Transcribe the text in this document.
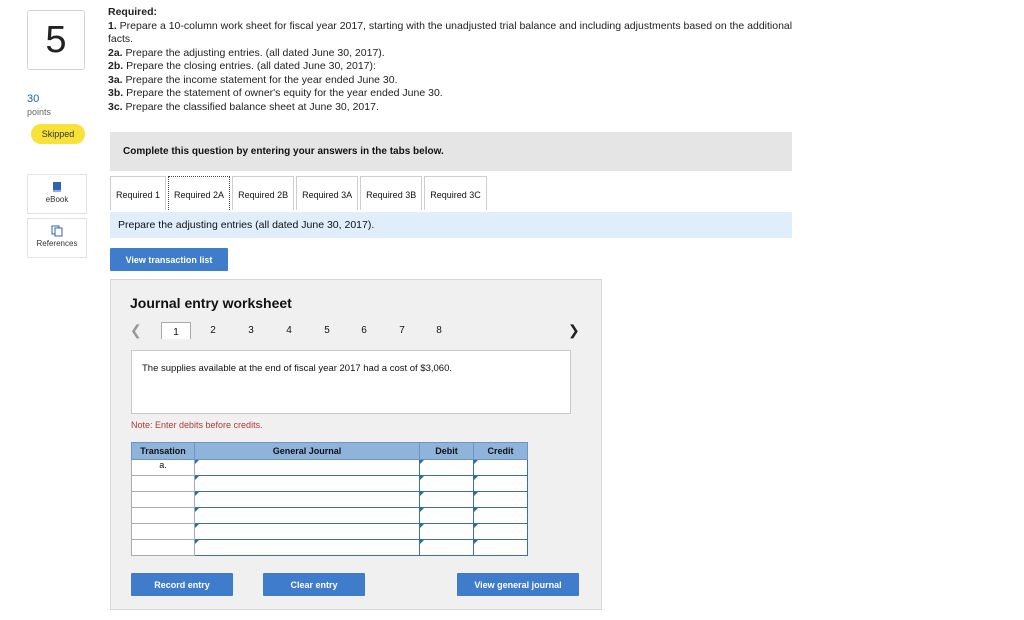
5
30
points
Skipped
eBook
References
Required:
1. Prepare a 10-column work sheet for fiscal year 2017, starting with the unadjusted trial balance and including adjustments based on the additional facts.
2a. Prepare the adjusting entries. (all dated June 30, 2017).
2b. Prepare the closing entries. (all dated June 30, 2017):
3a. Prepare the income statement for the year ended June 30.
3b. Prepare the statement of owner's equity for the year ended June 30.
3c. Prepare the classified balance sheet at June 30, 2017.
Complete this question by entering your answers in the tabs below.
Required 1	Required 2A	Required 2B	Required 3A	Required 3B	Required 3C
Prepare the adjusting entries (all dated June 30, 2017).
View transaction list
Journal entry worksheet
❮	1	2	3	4	5	6	7	8	❯
The supplies available at the end of fiscal year 2017 had a cost of $3,060.
Note: Enter debits before credits.
Transation	General Journal	Debit	Credit
a.			

Record entry	Clear entry	View general journal
